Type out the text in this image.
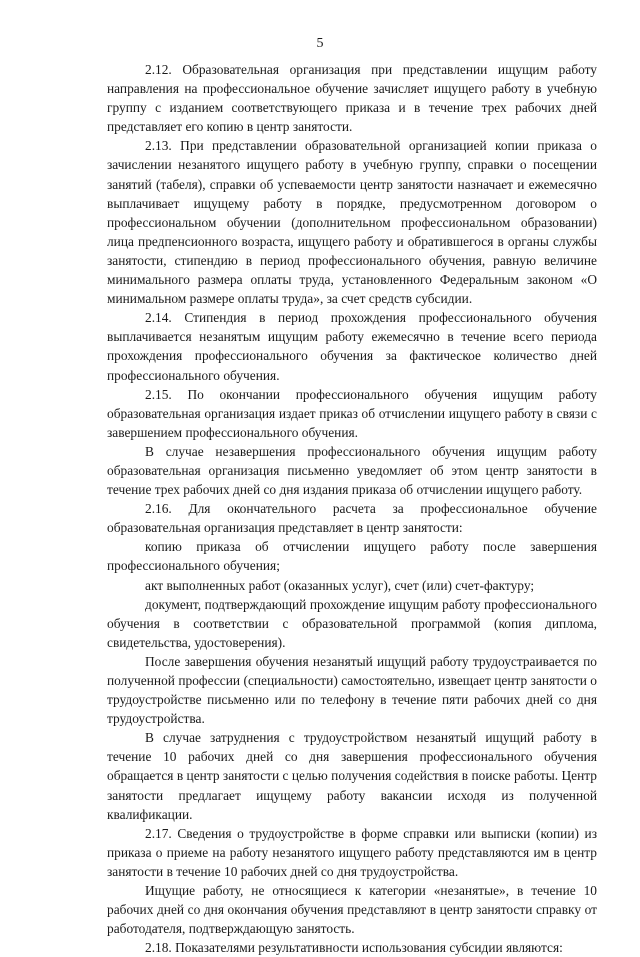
5

2.12. Образовательная организация при представлении ищущим работу направления на профессиональное обучение зачисляет ищущего работу в учебную группу с изданием соответствующего приказа и в течение трех рабочих дней представляет его копию в центр занятости.

2.13. При представлении образовательной организацией копии приказа о зачислении незанятого ищущего работу в учебную группу, справки о посещении занятий (табеля), справки об успеваемости центр занятости назначает и ежемесячно выплачивает ищущему работу в порядке, предусмотренном договором о профессиональном обучении (дополнительном профессиональном образовании) лица предпенсионного возраста, ищущего работу и обратившегося в органы службы занятости, стипендию в период профессионального обучения, равную величине минимального размера оплаты труда, установленного Федеральным законом «О минимальном размере оплаты труда», за счет средств субсидии.

2.14. Стипендия в период прохождения профессионального обучения выплачивается незанятым ищущим работу ежемесячно в течение всего периода прохождения профессионального обучения за фактическое количество дней профессионального обучения.

2.15. По окончании профессионального обучения ищущим работу образовательная организация издает приказ об отчислении ищущего работу в связи с завершением профессионального обучения.

В случае незавершения профессионального обучения ищущим работу образовательная организация письменно уведомляет об этом центр занятости в течение трех рабочих дней со дня издания приказа об отчислении ищущего работу.

2.16. Для окончательного расчета за профессиональное обучение образовательная организация представляет в центр занятости:

копию приказа об отчислении ищущего работу после завершения профессионального обучения;

акт выполненных работ (оказанных услуг), счет (или) счет-фактуру;

документ, подтверждающий прохождение ищущим работу профессионального обучения в соответствии с образовательной программой (копия диплома, свидетельства, удостоверения).

После завершения обучения незанятый ищущий работу трудоустраивается по полученной профессии (специальности) самостоятельно, извещает центр занятости о трудоустройстве письменно или по телефону в течение пяти рабочих дней со дня трудоустройства.

В случае затруднения с трудоустройством незанятый ищущий работу в течение 10 рабочих дней со дня завершения профессионального обучения обращается в центр занятости с целью получения содействия в поиске работы. Центр занятости предлагает ищущему работу вакансии исходя из полученной квалификации.

2.17. Сведения о трудоустройстве в форме справки или выписки (копии) из приказа о приеме на работу незанятого ищущего работу представляются им в центр занятости в течение 10 рабочих дней со дня трудоустройства.

Ищущие работу, не относящиеся к категории «незанятые», в течение 10 рабочих дней со дня окончания обучения представляют в центр занятости справку от работодателя, подтверждающую занятость.

2.18. Показателями результативности использования субсидии являются:
